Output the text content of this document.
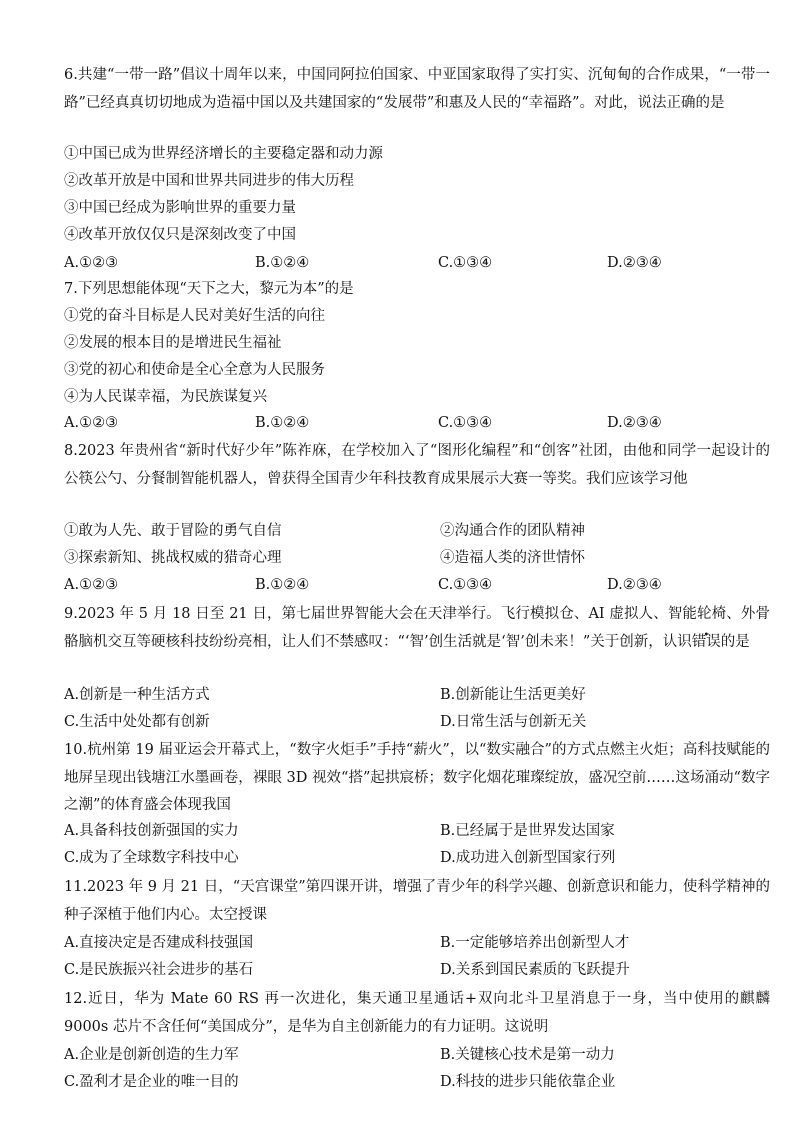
6.共建“一带一路”倡议十周年以来，中国同阿拉伯国家、中亚国家取得了实打实、沉甸甸的合作成果，“一带一路”已经真真切切地成为造福中国以及共建国家的“发展带”和惠及人民的“幸福路”。对此，说法正确的是
①中国已成为世界经济增长的主要稳定器和动力源
②改革开放是中国和世界共同进步的伟大历程
③中国已经成为影响世界的重要力量
④改革开放仅仅只是深刻改变了中国
A.①②③	B.①②④	C.①③④	D.②③④
7.下列思想能体现“天下之大，黎元为本”的是
①党的奋斗目标是人民对美好生活的向往
②发展的根本目的是增进民生福祉
③党的初心和使命是全心全意为人民服务
④为人民谋幸福，为民族谋复兴
A.①②③	B.①②④	C.①③④	D.②③④
8.2023 年贵州省“新时代好少年”陈祚庥，在学校加入了“图形化编程”和“创客”社团，由他和同学一起设计的公筷公勺、分餐制智能机器人，曾获得全国青少年科技教育成果展示大赛一等奖。我们应该学习他
①敢为人先、敢于冒险的勇气自信	②沟通合作的团队精神
③探索新知、挑战权威的猎奇心理	④造福人类的济世情怀
A.①②③	B.①②④	C.①③④	D.②③④
9.2023 年 5 月 18 日至 21 日，第七届世界智能大会在天津举行。飞行模拟仓、AI 虚拟人、智能轮椅、外骨骼脑机交互等硬核科技纷纷亮相，让人们不禁感叹：“‘智’创生活就是‘智’创未来！”关于创新，认识错误的是
A.创新是一种生活方式	B.创新能让生活更美好
C.生活中处处都有创新	D.日常生活与创新无关
10.杭州第 19 届亚运会开幕式上，“数字火炬手”手持“薪火”，以“数实融合”的方式点燃主火炬；高科技赋能的地屏呈现出钱塘江水墨画卷，裸眼 3D 视效“搭”起拱宸桥；数字化烟花璀璨绽放，盛况空前……这场涌动“数字之潮”的体育盛会体现我国
A.具备科技创新强国的实力	B.已经属于是世界发达国家
C.成为了全球数字科技中心	D.成功进入创新型国家行列
11.2023 年 9 月 21 日，“天宫课堂”第四课开讲，增强了青少年的科学兴趣、创新意识和能力，使科学精神的种子深植于他们内心。太空授课
A.直接决定是否建成科技强国	B.一定能够培养出创新型人才
C.是民族振兴社会进步的基石	D.关系到国民素质的飞跃提升
12.近日，华为 Mate 60 RS 再一次进化，集天通卫星通话+双向北斗卫星消息于一身，当中使用的麒麟 9000s 芯片不含任何“美国成分”，是华为自主创新能力的有力证明。这说明
A.企业是创新创造的生力军	B.关键核心技术是第一动力
C.盈利才是企业的唯一目的	D.科技的进步只能依靠企业
